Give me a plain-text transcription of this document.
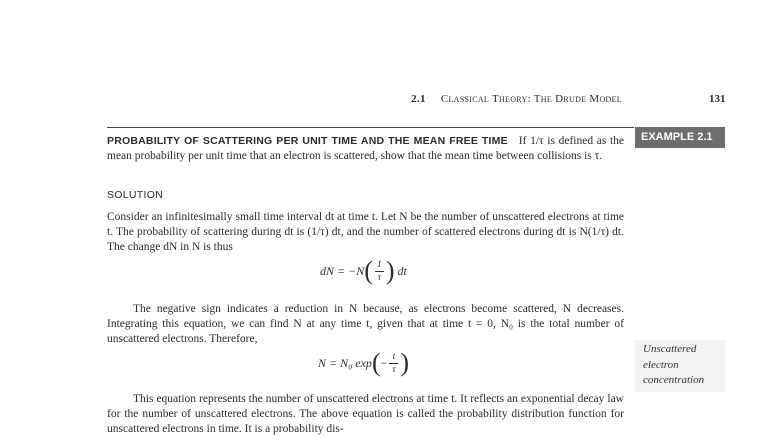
2.1 Classical Theory: The Drude Model	131
EXAMPLE 2.1
PROBABILITY OF SCATTERING PER UNIT TIME AND THE MEAN FREE TIME If 1/τ is defined as the mean probability per unit time that an electron is scattered, show that the mean time between collisions is τ.
SOLUTION
Consider an infinitesimally small time interval dt at time t. Let N be the number of unscattered electrons at time t. The probability of scattering during dt is (1/τ) dt, and the number of scattered electrons during dt is N(1/τ) dt. The change dN in N is thus
dN = −N ( $\frac{1}{\tau}$ ) dt
The negative sign indicates a reduction in N because, as electrons become scattered, N decreases. Integrating this equation, we can find N at any time t, given that at time t = 0, N₀ is the total number of unscattered electrons. Therefore,
N = N₀ exp ( − $\frac{t}{\tau}$ )	Unscattered
electron
concentration
This equation represents the number of unscattered electrons at time t. It reflects an exponential decay law for the number of unscattered electrons. The above equation is called the probability distribution function for unscattered electrons in time. It is a probability dis-
